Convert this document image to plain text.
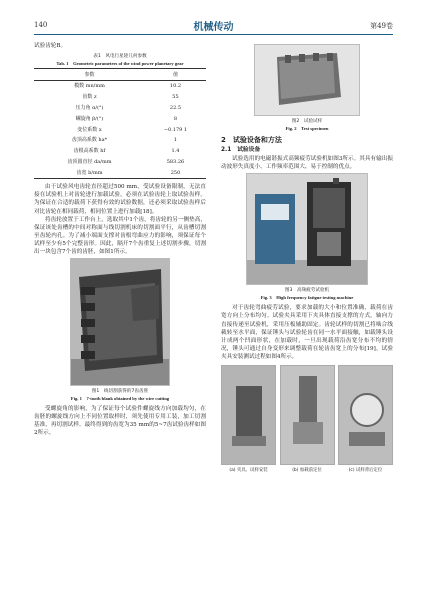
140	机械传动	第49卷

试验齿轮B。

表1　风电行星轮几何参数
Tab. 1　Geometric parameters of the wind power planetary gear
参数	值
模数 mn/mm	10.2
齿数 z	55
压力角 α/(°)	22.5
螺旋角 β/(°)	8
变位系数 x	−0.179 1
齿顶高系数 ha*	1
齿根高系数 hf	1.4
齿顶圆直径 da/mm	583.26
齿宽 b/mm	250

由于试验风电齿轮直径超过500 mm，受试验设备限制，无法直接在试验机上对齿轮进行加载试验，必须在试验齿轮上取试验齿样。为保证在合适的载荷下获得有效的试验数据，还必须采取试验齿样后对比齿轮在相同载荷，相同位置上进行加载[18]。

将齿轮放置于工作台上，选取其中1个齿，将齿轮的另一侧垫高，保证该处齿槽的中间对称面与线切割机床的切割面平行，从齿槽切割至齿轮内孔。为了减小端面支撑对齿根弯曲应力的影响，须保证每个试样至少有5个完整齿形。因此，隔开7个齿重复上述切割步骤，切割出一块包含7个齿的齿胚，如图1所示。

图1　线切割获得的7齿齿胚
Fig. 1　7-tooth blank obtained by the wire cutting

受螺旋角的影响，为了保证每个试验件螺旋线方向加载均匀，在齿胚的螺旋线方向上不同位置取样时，须先使用专用工装，加工切割基准，再切割试样。最终得到的齿宽为35 mm的5~7齿试验齿样如图2所示。

图2　试验试样
Fig. 2　Test specimen
2　试验设备和方法
2.1　试验设备

试验选用的电磁谐振式高频疲劳试验机如图3所示。其具有输出振动波形失真度小、工作频率范围大、易于控制的优点。

图3　高频疲劳试验机
Fig. 3　High frequency fatigue testing machine

对于齿轮弯曲疲劳试验，要求加载的大小和位置准确，载荷在齿宽方向上分布均匀。试验夹具采用下夹具体直接支撑的方式，轴向力直接传递至试验机，采用压板辅助固定。齿轮试样的切割已将啮合线載转至水平面，保证锤头与试验轮齿在同一水平面接触，如载锤头设计成两个凹面形状，在加载时，一旦出现载荷沿齿宽分布不均的情况，锤头可通过自身变形来调整载荷在轮齿齿宽上的分布[19]。试验夹具安装测试过程如图4所示。

(a) 夹具、试样安装	(b) 加载前定位	(c) 试样背后定位
